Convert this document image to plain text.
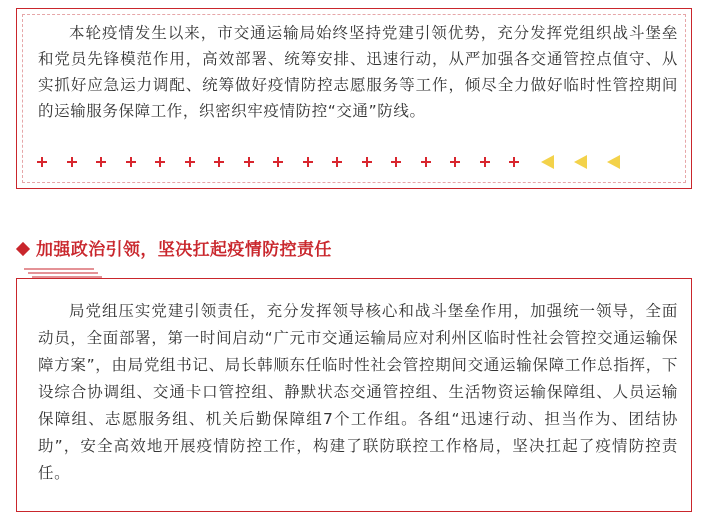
本轮疫情发生以来，市交通运输局始终坚持党建引领优势，充分发挥党组织战斗堡垒和党员先锋模范作用，高效部署、统筹安排、迅速行动，从严加强各交通管控点值守、从实抓好应急运力调配、统筹做好疫情防控志愿服务等工作，倾尽全力做好临时性管控期间的运输服务保障工作，织密织牢疫情防控“交通”防线。

加强政治引领，坚决扛起疫情防控责任

局党组压实党建引领责任，充分发挥领导核心和战斗堡垒作用，加强统一领导，全面动员，全面部署，第一时间启动“广元市交通运输局应对利州区临时性社会管控交通运输保障方案”，由局党组书记、局长韩顺东任临时性社会管控期间交通运输保障工作总指挥，下设综合协调组、交通卡口管控组、静默状态交通管控组、生活物资运输保障组、人员运输保障组、志愿服务组、机关后勤保障组7个工作组。各组“迅速行动、担当作为、团结协助”，安全高效地开展疫情防控工作，构建了联防联控工作格局，坚决扛起了疫情防控责任。
